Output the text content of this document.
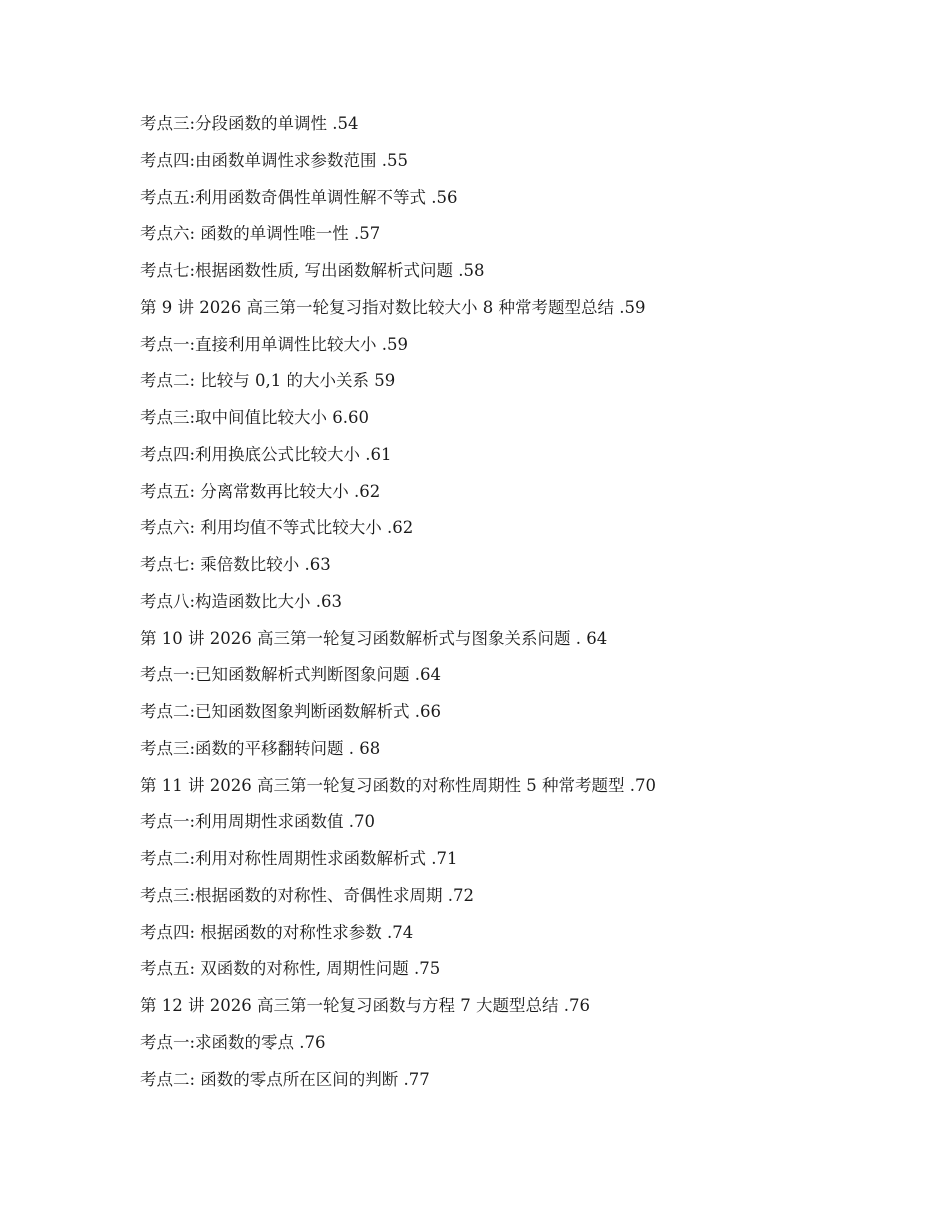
考点三:分段函数的单调性 .54
考点四:由函数单调性求参数范围 .55
考点五:利用函数奇偶性单调性解不等式 .56
考点六: 函数的单调性唯一性 .57
考点七:根据函数性质, 写出函数解析式问题 .58
第 9 讲 2026 高三第一轮复习指对数比较大小 8 种常考题型总结 .59
考点一:直接利用单调性比较大小 .59
考点二: 比较与 0,1 的大小关系 59
考点三:取中间值比较大小 6.60
考点四:利用换底公式比较大小 .61
考点五: 分离常数再比较大小 .62
考点六: 利用均值不等式比较大小 .62
考点七: 乘倍数比较小 .63
考点八:构造函数比大小 .63
第 10 讲 2026 高三第一轮复习函数解析式与图象关系问题 . 64
考点一:已知函数解析式判断图象问题 .64
考点二:已知函数图象判断函数解析式 .66
考点三:函数的平移翻转问题 . 68
第 11 讲 2026 高三第一轮复习函数的对称性周期性 5 种常考题型 .70
考点一:利用周期性求函数值 .70
考点二:利用对称性周期性求函数解析式 .71
考点三:根据函数的对称性、奇偶性求周期 .72
考点四: 根据函数的对称性求参数 .74
考点五: 双函数的对称性, 周期性问题 .75
第 12 讲 2026 高三第一轮复习函数与方程 7 大题型总结 .76
考点一:求函数的零点 .76
考点二: 函数的零点所在区间的判断 .77
